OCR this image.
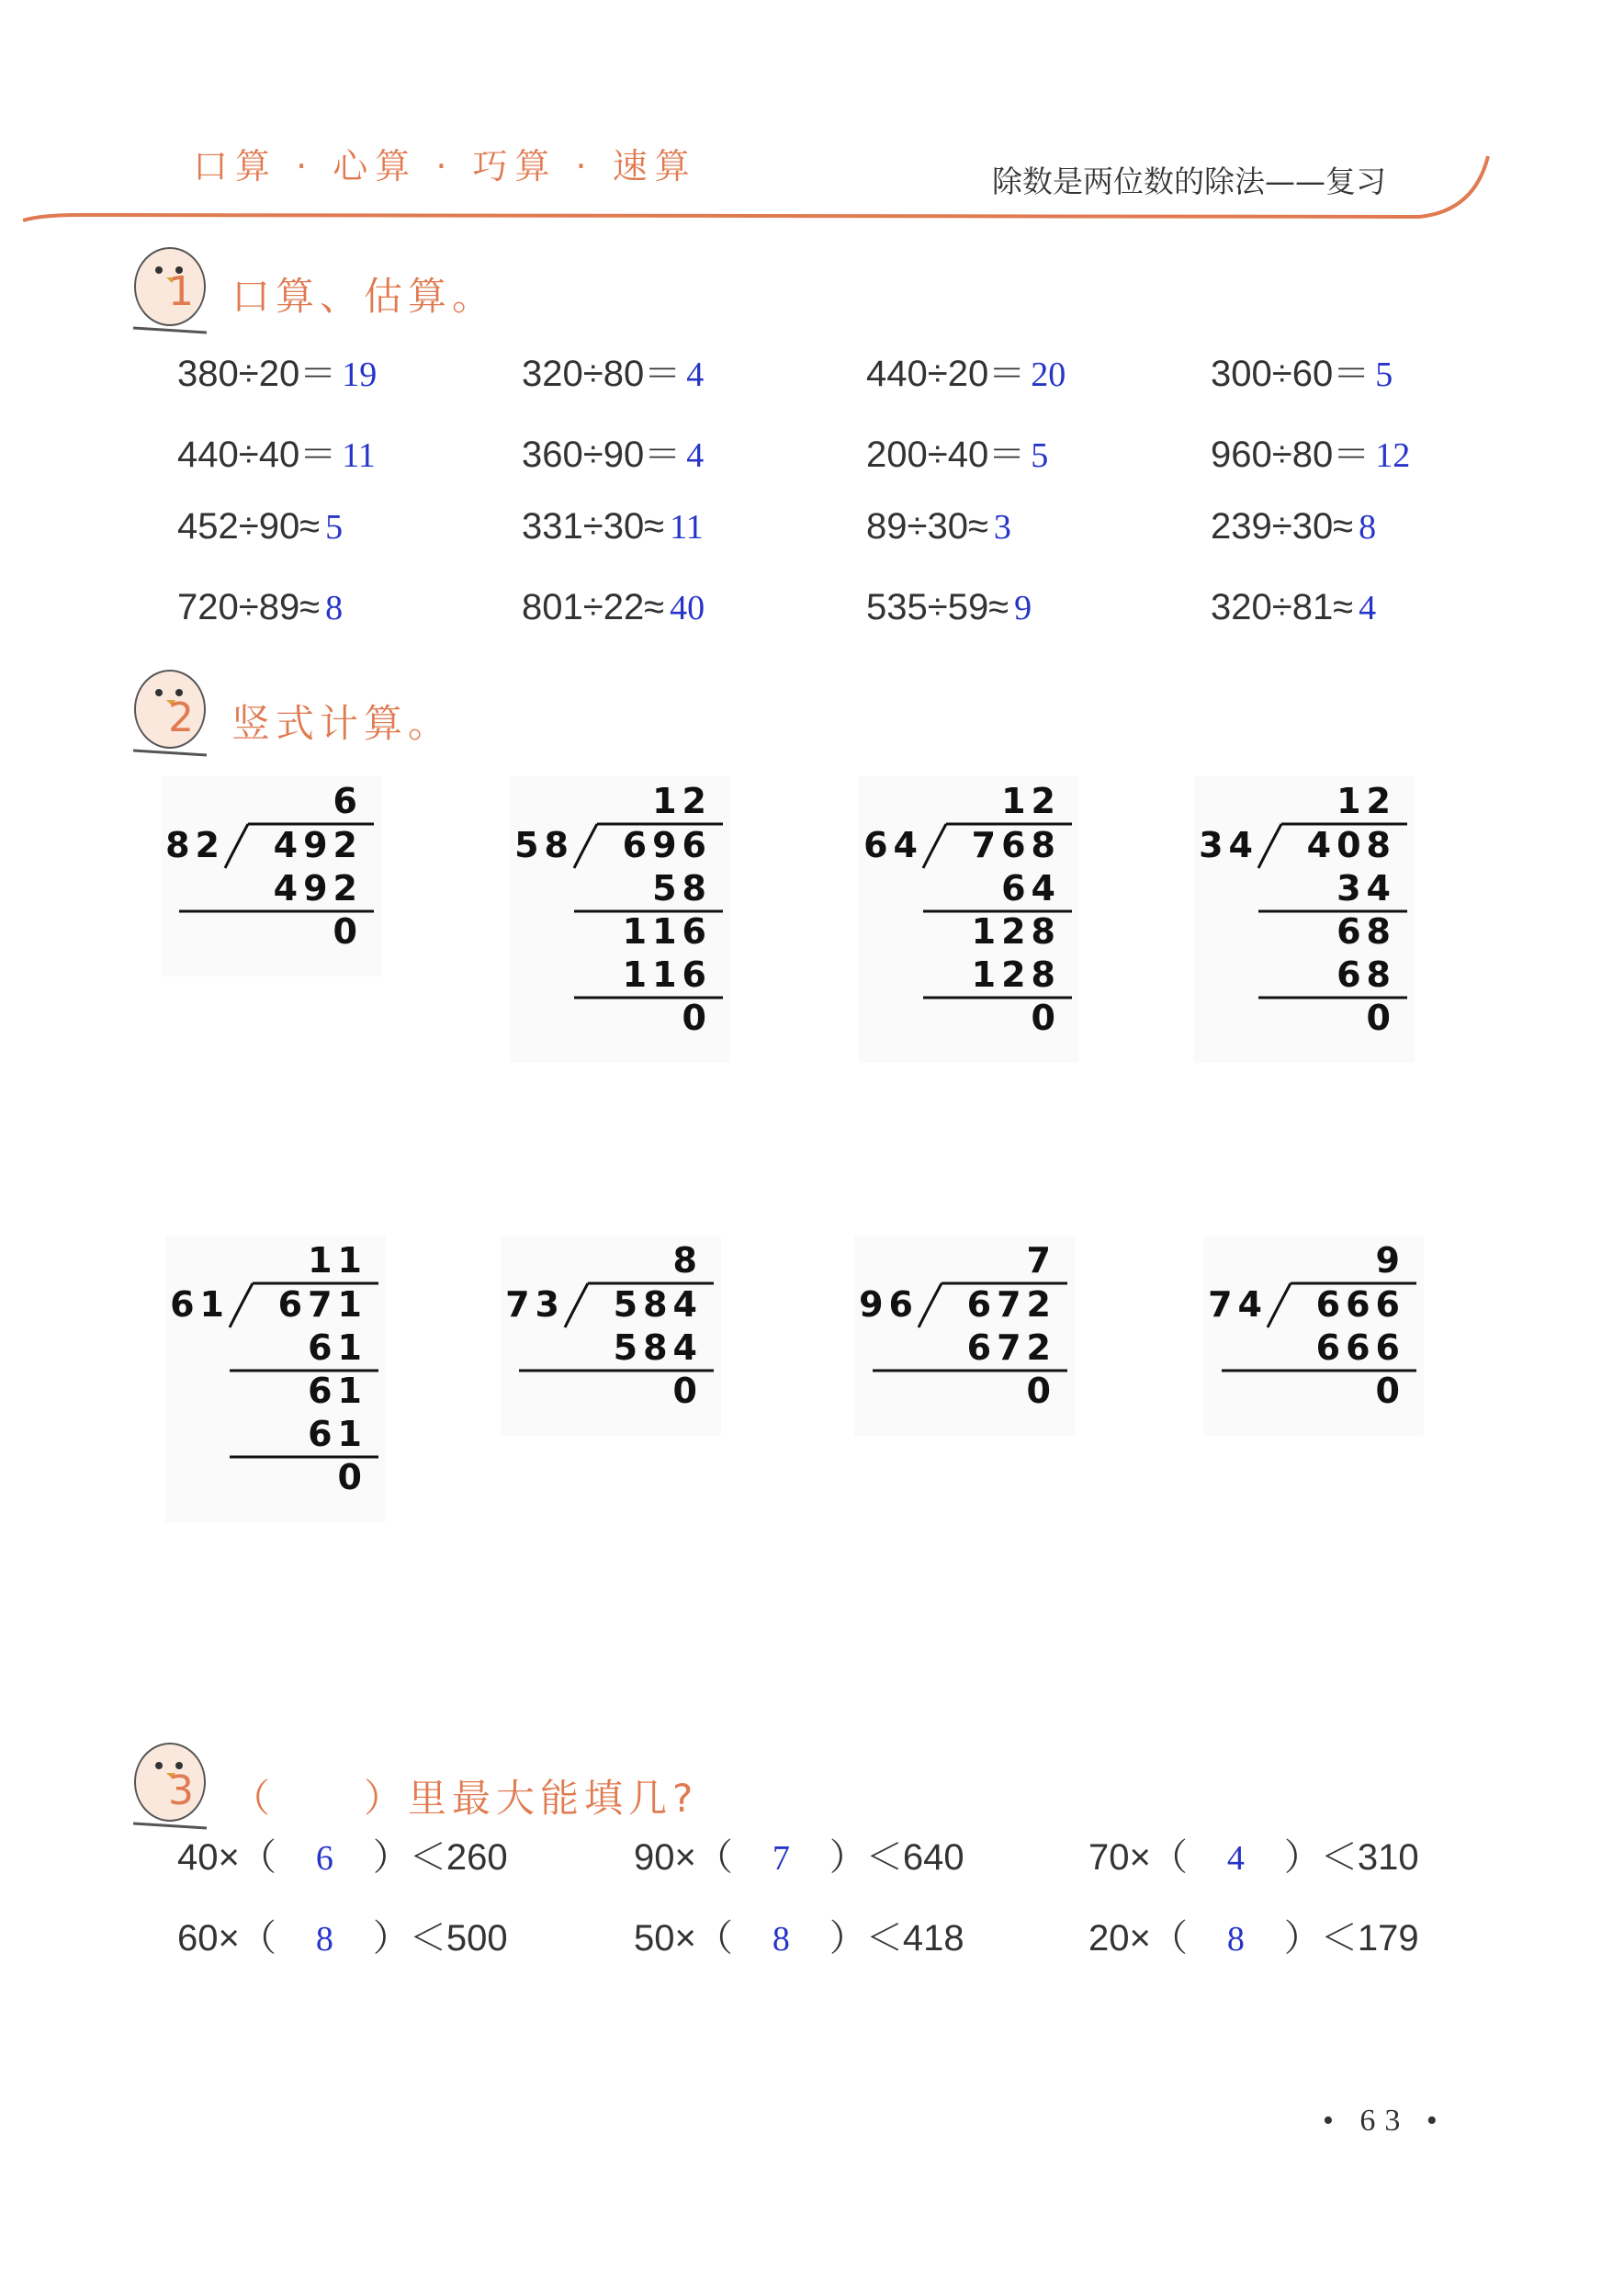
口算 · 心算 · 巧算 · 速算	除数是两位数的除法——复习
1 口算、估算。
2 竖式计算。
3 （　　）里最大能填几?
380÷20＝ 19	320÷80＝ 4	440÷20＝ 20	300÷60＝ 5
440÷40＝ 11	360÷90＝ 4	200÷40＝ 5	960÷80＝ 12
452÷90≈ 5	331÷30≈ 11	89÷30≈ 3	239÷30≈ 8
720÷89≈ 8	801÷22≈ 40	535÷59≈ 9	320÷81≈ 4
6
82 492
492
0
12
58 696
58
116
116
0
12
64 768
64
128
128
0
12
34 408
34
68
68
0
11
61 671
61
61
61
0
8
73 584
584
0
7
96 672
672
0
9
74 666
666
0
40×（ 6 ）＜260	90×（ 7 ）＜640	70×（ 4 ）＜310
60×（ 8 ）＜500	50×（ 8 ）＜418	20×（ 8 ）＜179
• 63 •
